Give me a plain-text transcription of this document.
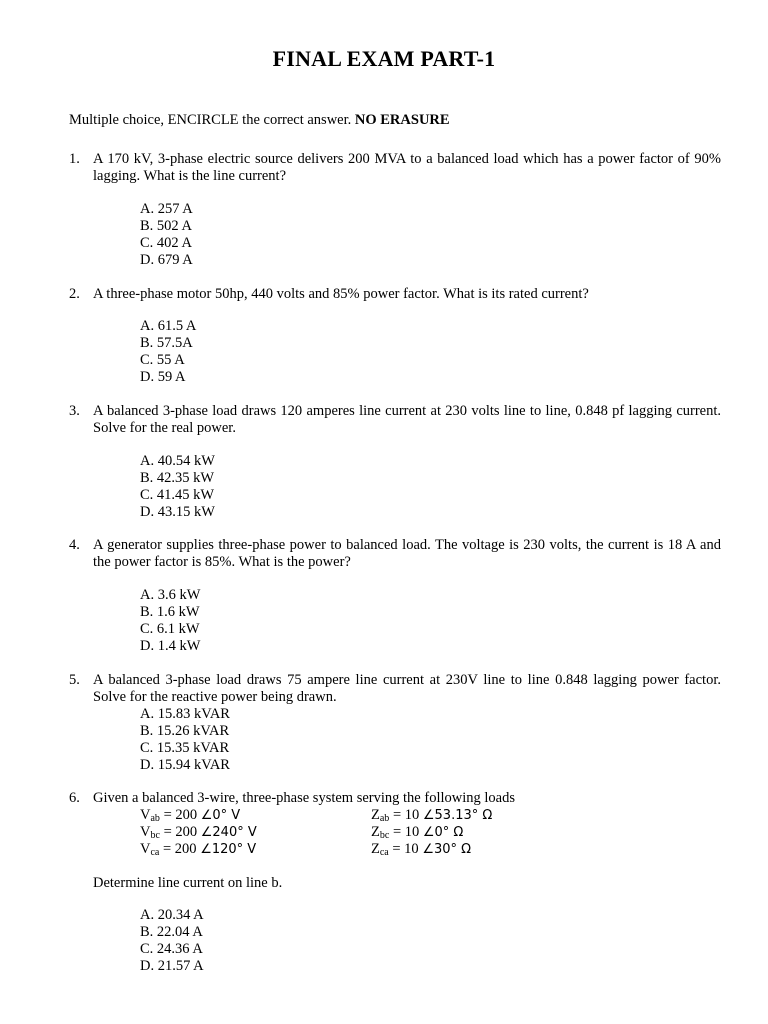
FINAL EXAM PART-1
Multiple choice, ENCIRCLE the correct answer. NO ERASURE
1. A 170 kV, 3-phase electric source delivers 200 MVA to a balanced load which has a power factor of 90% lagging. What is the line current?
A. 257 A
B. 502 A
C. 402 A
D. 679 A
2. A three-phase motor 50hp, 440 volts and 85% power factor. What is its rated current?
A. 61.5 A
B. 57.5A
C. 55 A
D. 59 A
3. A balanced 3-phase load draws 120 amperes line current at 230 volts line to line, 0.848 pf lagging current. Solve for the real power.
A. 40.54 kW
B. 42.35 kW
C. 41.45 kW
D. 43.15 kW
4. A generator supplies three-phase power to balanced load. The voltage is 230 volts, the current is 18 A and the power factor is 85%. What is the power?
A. 3.6 kW
B. 1.6 kW
C. 6.1 kW
D. 1.4 kW
5. A balanced 3-phase load draws 75 ampere line current at 230V line to line 0.848 lagging power factor. Solve for the reactive power being drawn.
A. 15.83 kVAR
B. 15.26 kVAR
C. 15.35 kVAR
D. 15.94 kVAR
6. Given a balanced 3-wire, three-phase system serving the following loads
$V_{ab} = 200$ ∠0° V	$Z_{ab} = 10$ ∠53.13° Ω
$V_{bc} = 200$ ∠240° V	$Z_{bc} = 10$ ∠0° Ω
$V_{ca} = 200$ ∠120° V	$Z_{ca} = 10$ ∠30° Ω
Determine line current on line b.
A. 20.34 A
B. 22.04 A
C. 24.36 A
D. 21.57 A
